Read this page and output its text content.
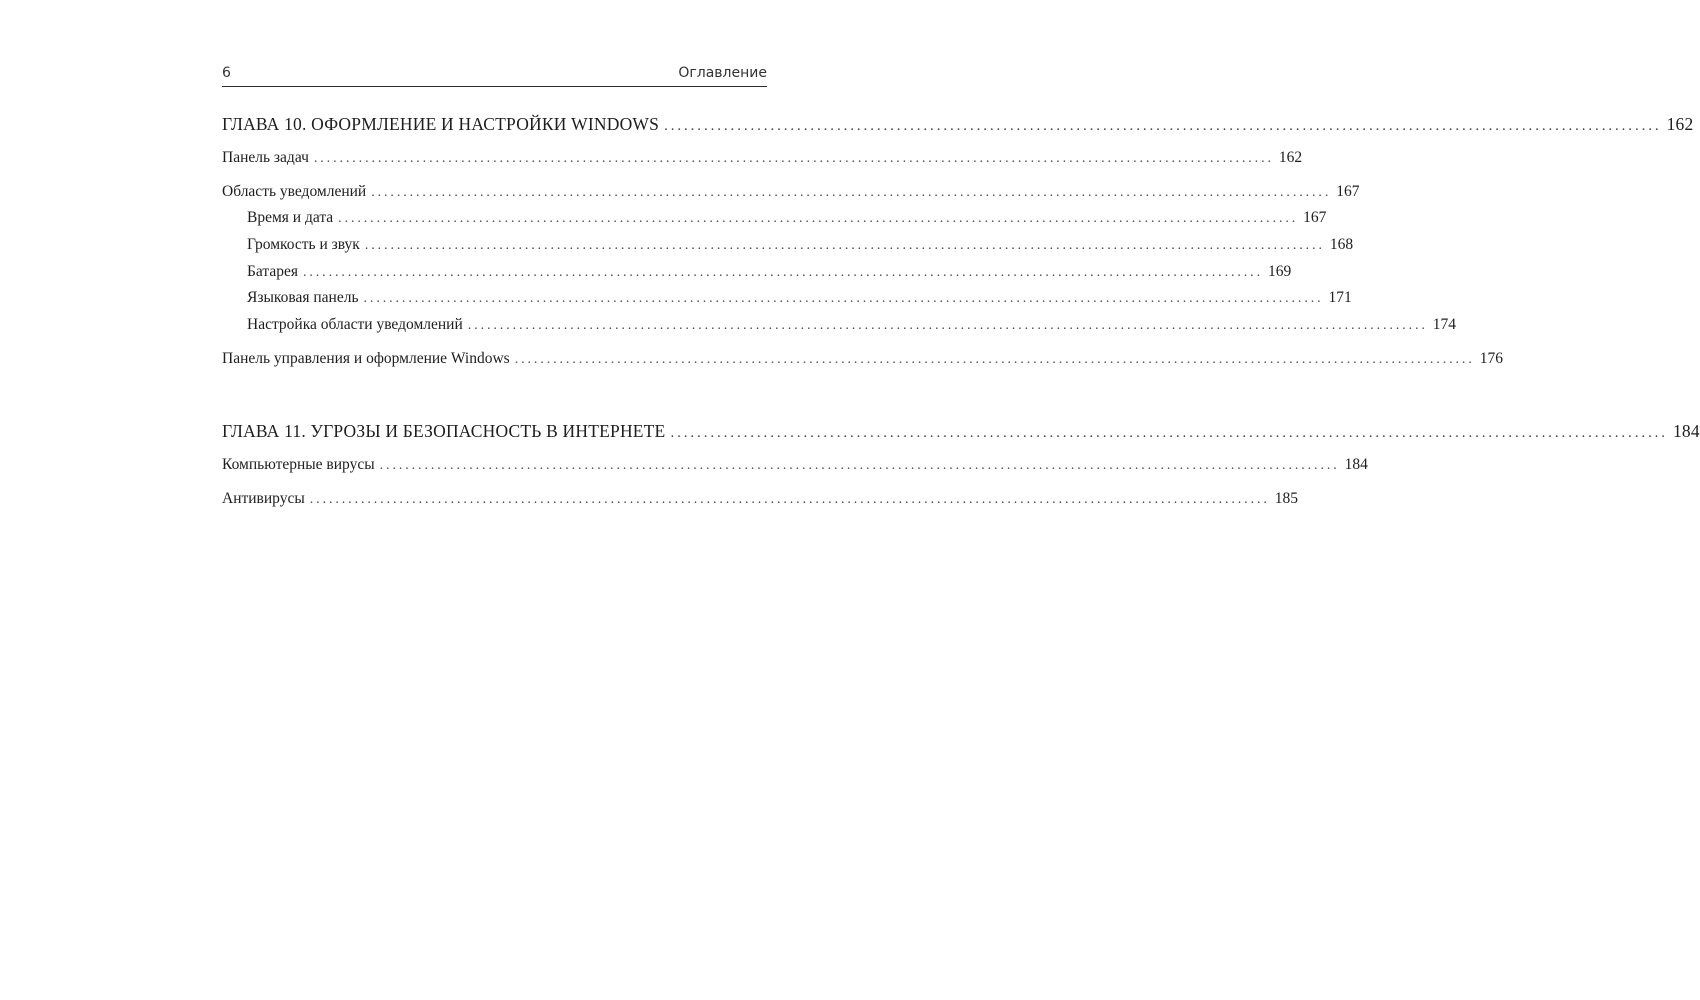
6	Оглавление
ГЛАВА 10. ОФОРМЛЕНИЕ И НАСТРОЙКИ WINDOWS ...................................................................................................................................................... 162
Панель задач ...................................................................................................................................................... 162
Область уведомлений ...................................................................................................................................................... 167
Время и дата ...................................................................................................................................................... 167
Громкость и звук ...................................................................................................................................................... 168
Батарея ...................................................................................................................................................... 169
Языковая панель ...................................................................................................................................................... 171
Настройка области уведомлений ...................................................................................................................................................... 174
Панель управления и оформление Windows ...................................................................................................................................................... 176
ГЛАВА 11. УГРОЗЫ И БЕЗОПАСНОСТЬ В ИНТЕРНЕТЕ ...................................................................................................................................................... 184
Компьютерные вирусы ...................................................................................................................................................... 184
Антивирусы ...................................................................................................................................................... 185
